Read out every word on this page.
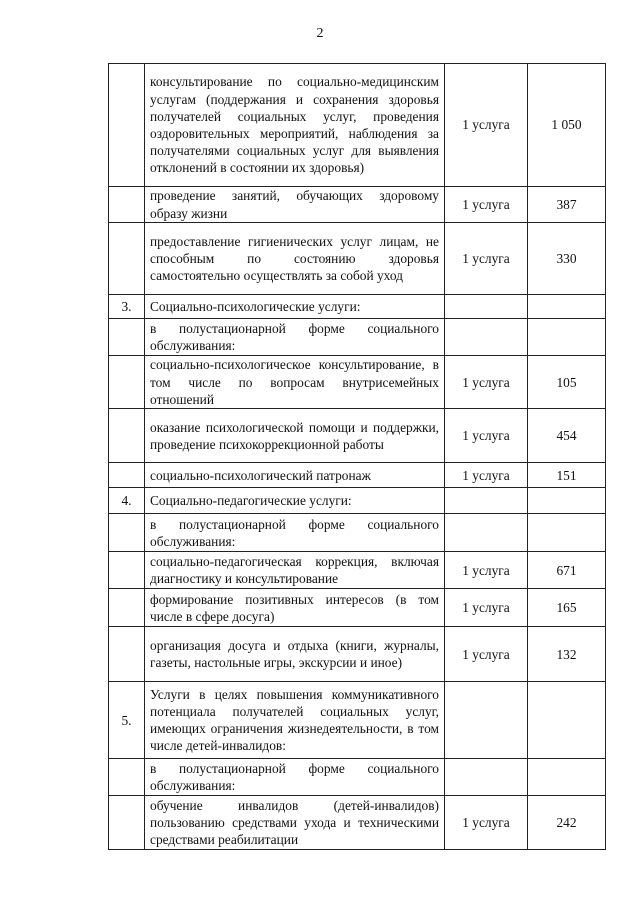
2
	консультирование по социально-медицинским услугам (поддержания и сохранения здоровья получателей социальных услуг, проведения оздоровительных мероприятий, наблюдения за получателями социальных услуг для выявления отклонений в состоянии их здоровья)	1 услуга	1 050
	проведение занятий, обучающих здоровому образу жизни	1 услуга	387
	предоставление гигиенических услуг лицам, не способным по состоянию здоровья самостоятельно осуществлять за собой уход	1 услуга	330
3.	Социально-психологические услуги:		
	в полустационарной форме социального обслуживания:		
	социально-психологическое консультирование, в том числе по вопросам внутрисемейных отношений	1 услуга	105
	оказание психологической помощи и поддержки, проведение психокоррекционной работы	1 услуга	454
	социально-психологический патронаж	1 услуга	151
4.	Социально-педагогические услуги:		
	в полустационарной форме социального обслуживания:		
	социально-педагогическая коррекция, включая диагностику и консультирование	1 услуга	671
	формирование позитивных интересов (в том числе в сфере досуга)	1 услуга	165
	организация досуга и отдыха (книги, журналы, газеты, настольные игры, экскурсии и иное)	1 услуга	132
5.	Услуги в целях повышения коммуникативного потенциала получателей социальных услуг, имеющих ограничения жизнедеятельности, в том числе детей-инвалидов:		
	в полустационарной форме социального обслуживания:		
	обучение инвалидов (детей-инвалидов) пользованию средствами ухода и техническими средствами реабилитации	1 услуга	242
